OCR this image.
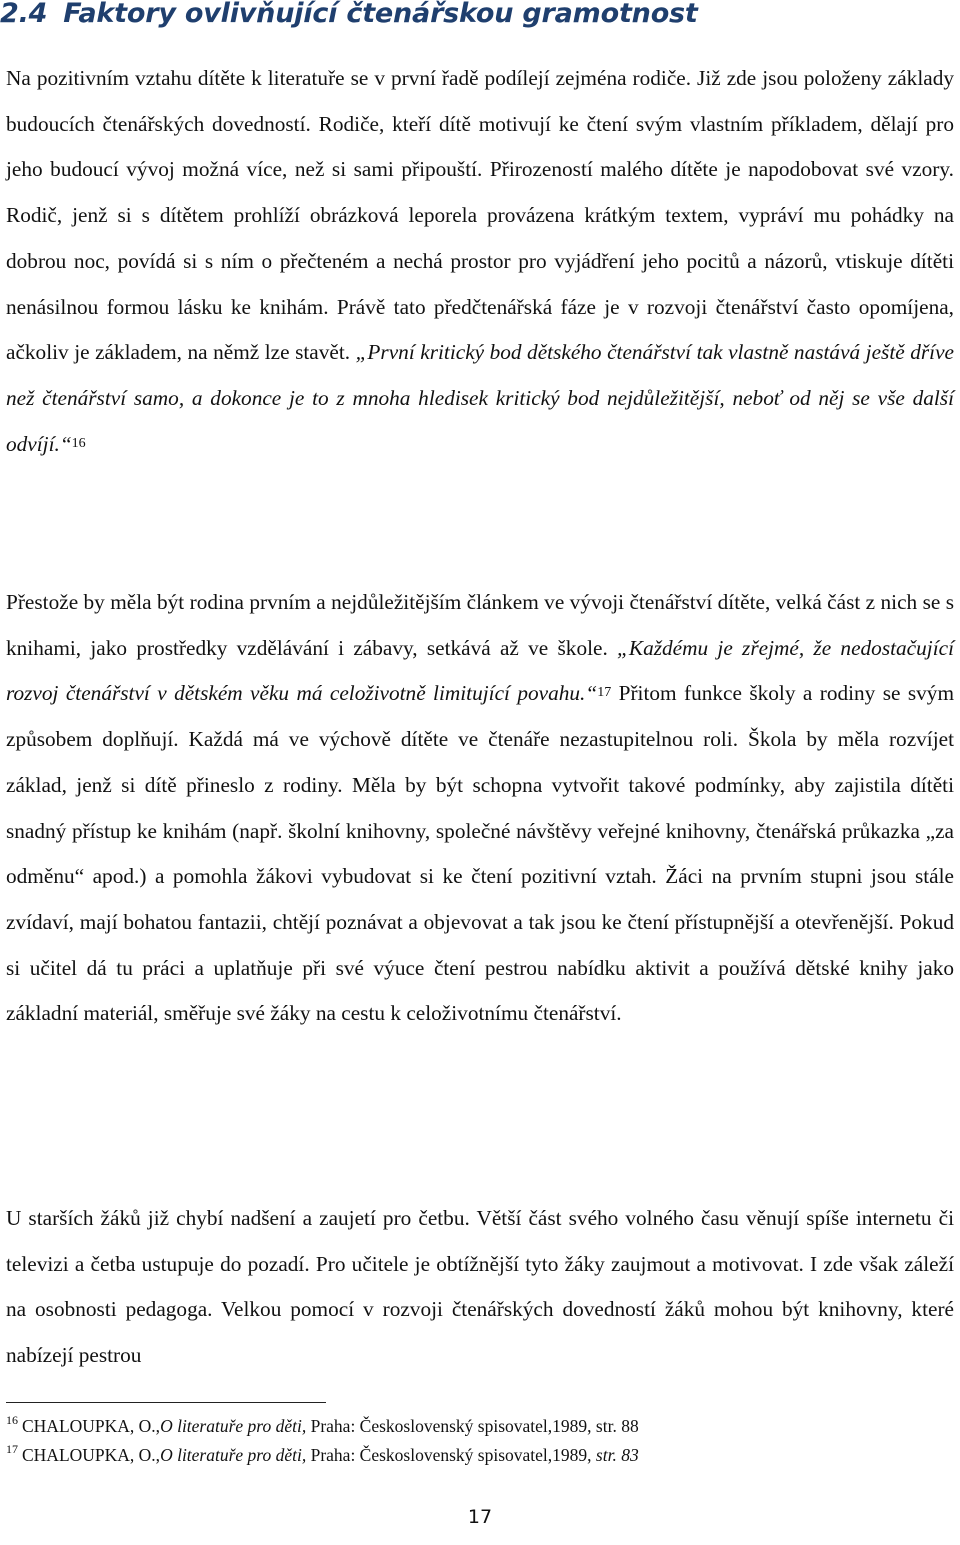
2.4 Faktory ovlivňující čtenářskou gramotnost

Na pozitivním vztahu dítěte k literatuře se v první řadě podílejí zejména rodiče. Již zde jsou položeny základy budoucích čtenářských dovedností. Rodiče, kteří dítě motivují ke čtení svým vlastním příkladem, dělají pro jeho budoucí vývoj možná více, než si sami připouští. Přirozeností malého dítěte je napodobovat své vzory. Rodič, jenž si s dítětem prohlíží obrázková leporela provázena krátkým textem, vypráví mu pohádky na dobrou noc, povídá si s ním o přečteném a nechá prostor pro vyjádření jeho pocitů a názorů, vtiskuje dítěti nenásilnou formou lásku ke knihám. Právě tato předčtenářská fáze je v rozvoji čtenářství často opomíjena, ačkoliv je základem, na němž lze stavět. „První kritický bod dětského čtenářství tak vlastně nastává ještě dříve než čtenářství samo, a dokonce je to z mnoha hledisek kritický bod nejdůležitější, neboť od něj se vše další odvíjí.“$^{16}$

Přestože by měla být rodina prvním a nejdůležitějším článkem ve vývoji čtenářství dítěte, velká část z nich se s knihami, jako prostředky vzdělávání i zábavy, setkává až ve škole. „Každému je zřejmé, že nedostačující rozvoj čtenářství v dětském věku má celoživotně limitující povahu.“$^{17}$ Přitom funkce školy a rodiny se svým způsobem doplňují. Každá má ve výchově dítěte ve čtenáře nezastupitelnou roli. Škola by měla rozvíjet základ, jenž si dítě přineslo z rodiny. Měla by být schopna vytvořit takové podmínky, aby zajistila dítěti snadný přístup ke knihám (např. školní knihovny, společné návštěvy veřejné knihovny, čtenářská průkazka „za odměnu“ apod.) a pomohla žákovi vybudovat si ke čtení pozitivní vztah. Žáci na prvním stupni jsou stále zvídaví, mají bohatou fantazii, chtějí poznávat a objevovat a tak jsou ke čtení přístupnější a otevřenější. Pokud si učitel dá tu práci a uplatňuje při své výuce čtení pestrou nabídku aktivit a používá dětské knihy jako základní materiál, směřuje své žáky na cestu k celoživotnímu čtenářství.

U starších žáků již chybí nadšení a zaujetí pro četbu. Větší část svého volného času věnují spíše internetu či televizi a četba ustupuje do pozadí. Pro učitele je obtížnější tyto žáky zaujmout a motivovat. I zde však záleží na osobnosti pedagoga. Velkou pomocí v rozvoji čtenářských dovedností žáků mohou být knihovny, které nabízejí pestrou

$^{16}$ CHALOUPKA, O.,O literatuře pro děti, Praha: Československý spisovatel,1989, str. 88

$^{17}$ CHALOUPKA, O.,O literatuře pro děti, Praha: Československý spisovatel,1989, str. 83

17
